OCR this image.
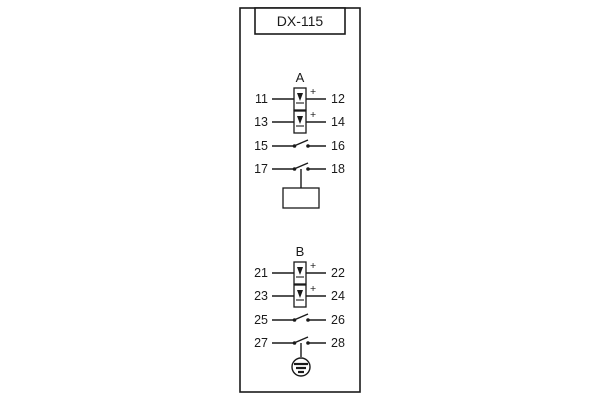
DX-115
A
11	+ 12
13	+ 14
15	16
17	18
B
21	+ 22
23	+ 24
25	26
27	28
